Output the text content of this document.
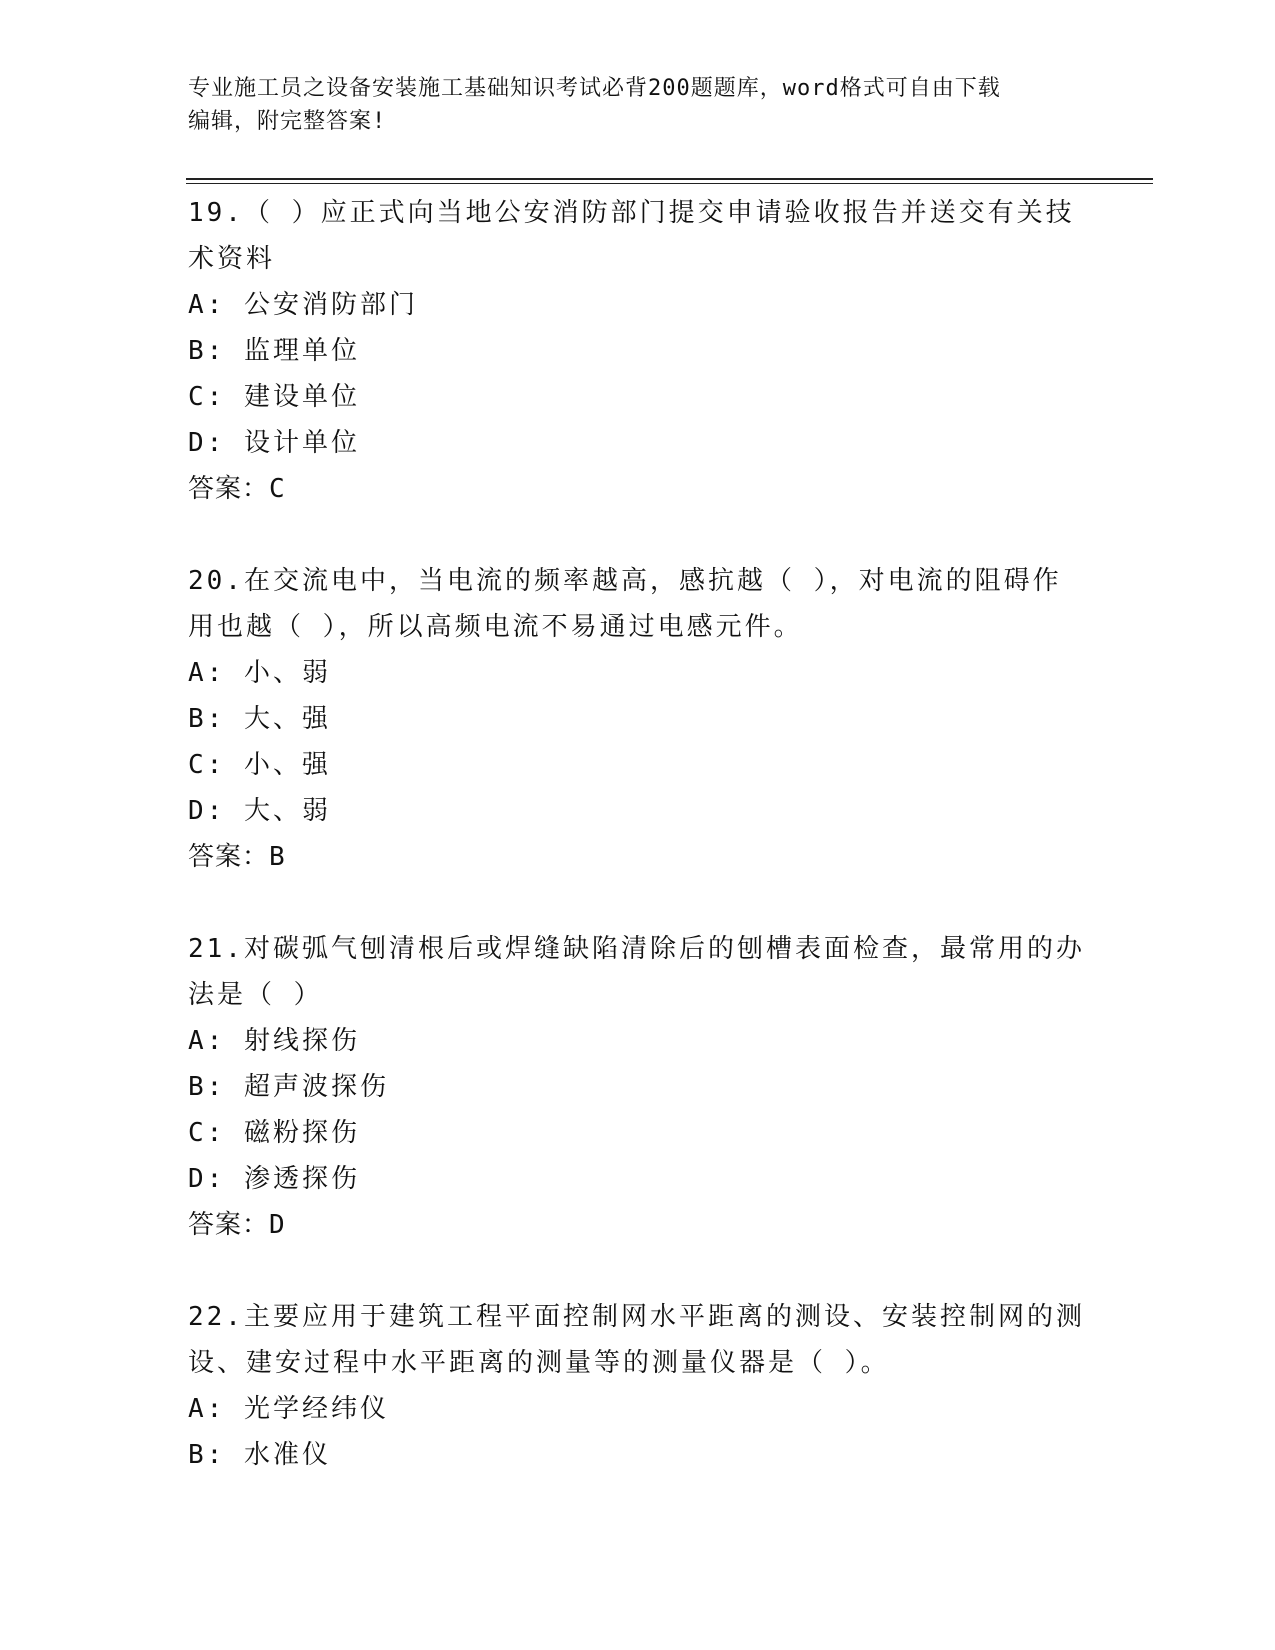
专业施工员之设备安装施工基础知识考试必背200题题库，word格式可自由下载
编辑，附完整答案!
19.（ ）应正式向当地公安消防部门提交申请验收报告并送交有关技
术资料
A: 公安消防部门
B: 监理单位
C: 建设单位
D: 设计单位
答案：C
20.在交流电中，当电流的频率越高，感抗越（ ），对电流的阻碍作
用也越（ ），所以高频电流不易通过电感元件。
A: 小、弱
B: 大、强
C: 小、强
D: 大、弱
答案：B
21.对碳弧气刨清根后或焊缝缺陷清除后的刨槽表面检查，最常用的办
法是（ ）
A: 射线探伤
B: 超声波探伤
C: 磁粉探伤
D: 渗透探伤
答案：D
22.主要应用于建筑工程平面控制网水平距离的测设、安装控制网的测
设、建安过程中水平距离的测量等的测量仪器是（ ）。
A: 光学经纬仪
B: 水准仪
